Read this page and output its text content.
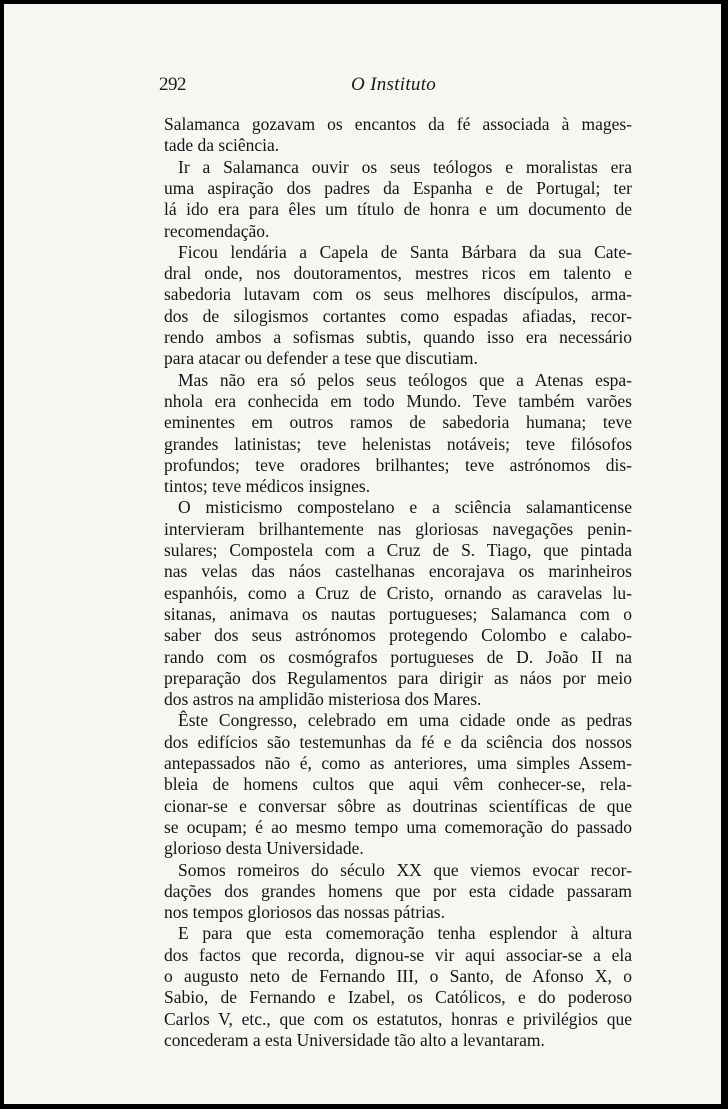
292	O Instituto
Salamanca gozavam os encantos da fé associada à mages-
tade da sciência.
Ir a Salamanca ouvir os seus teólogos e moralistas era
uma aspiração dos padres da Espanha e de Portugal; ter
lá ido era para êles um título de honra e um documento de
recomendação.
Ficou lendária a Capela de Santa Bárbara da sua Cate-
dral onde, nos doutoramentos, mestres ricos em talento e
sabedoria lutavam com os seus melhores discípulos, arma-
dos de silogismos cortantes como espadas afiadas, recor-
rendo ambos a sofismas subtis, quando isso era necessário
para atacar ou defender a tese que discutiam.
Mas não era só pelos seus teólogos que a Atenas espa-
nhola era conhecida em todo Mundo. Teve também varões
eminentes em outros ramos de sabedoria humana; teve
grandes latinistas; teve helenistas notáveis; teve filósofos
profundos; teve oradores brilhantes; teve astrónomos dis-
tintos; teve médicos insignes.
O misticismo compostelano e a sciência salamanticense
intervieram brilhantemente nas gloriosas navegações penin-
sulares; Compostela com a Cruz de S. Tiago, que pintada
nas velas das náos castelhanas encorajava os marinheiros
espanhóis, como a Cruz de Cristo, ornando as caravelas lu-
sitanas, animava os nautas portugueses; Salamanca com o
saber dos seus astrónomos protegendo Colombo e calabo-
rando com os cosmógrafos portugueses de D. João II na
preparação dos Regulamentos para dirigir as náos por meio
dos astros na amplidão misteriosa dos Mares.
Êste Congresso, celebrado em uma cidade onde as pedras
dos edifícios são testemunhas da fé e da sciência dos nossos
antepassados não é, como as anteriores, uma simples Assem-
bleia de homens cultos que aqui vêm conhecer-se, rela-
cionar-se e conversar sôbre as doutrinas scientíficas de que
se ocupam; é ao mesmo tempo uma comemoração do passado
glorioso desta Universidade.
Somos romeiros do século XX que viemos evocar recor-
dações dos grandes homens que por esta cidade passaram
nos tempos gloriosos das nossas pátrias.
E para que esta comemoração tenha esplendor à altura
dos factos que recorda, dignou-se vir aqui associar-se a ela
o augusto neto de Fernando III, o Santo, de Afonso X, o
Sabio, de Fernando e Izabel, os Católicos, e do poderoso
Carlos V, etc., que com os estatutos, honras e privilégios que
concederam a esta Universidade tão alto a levantaram.
